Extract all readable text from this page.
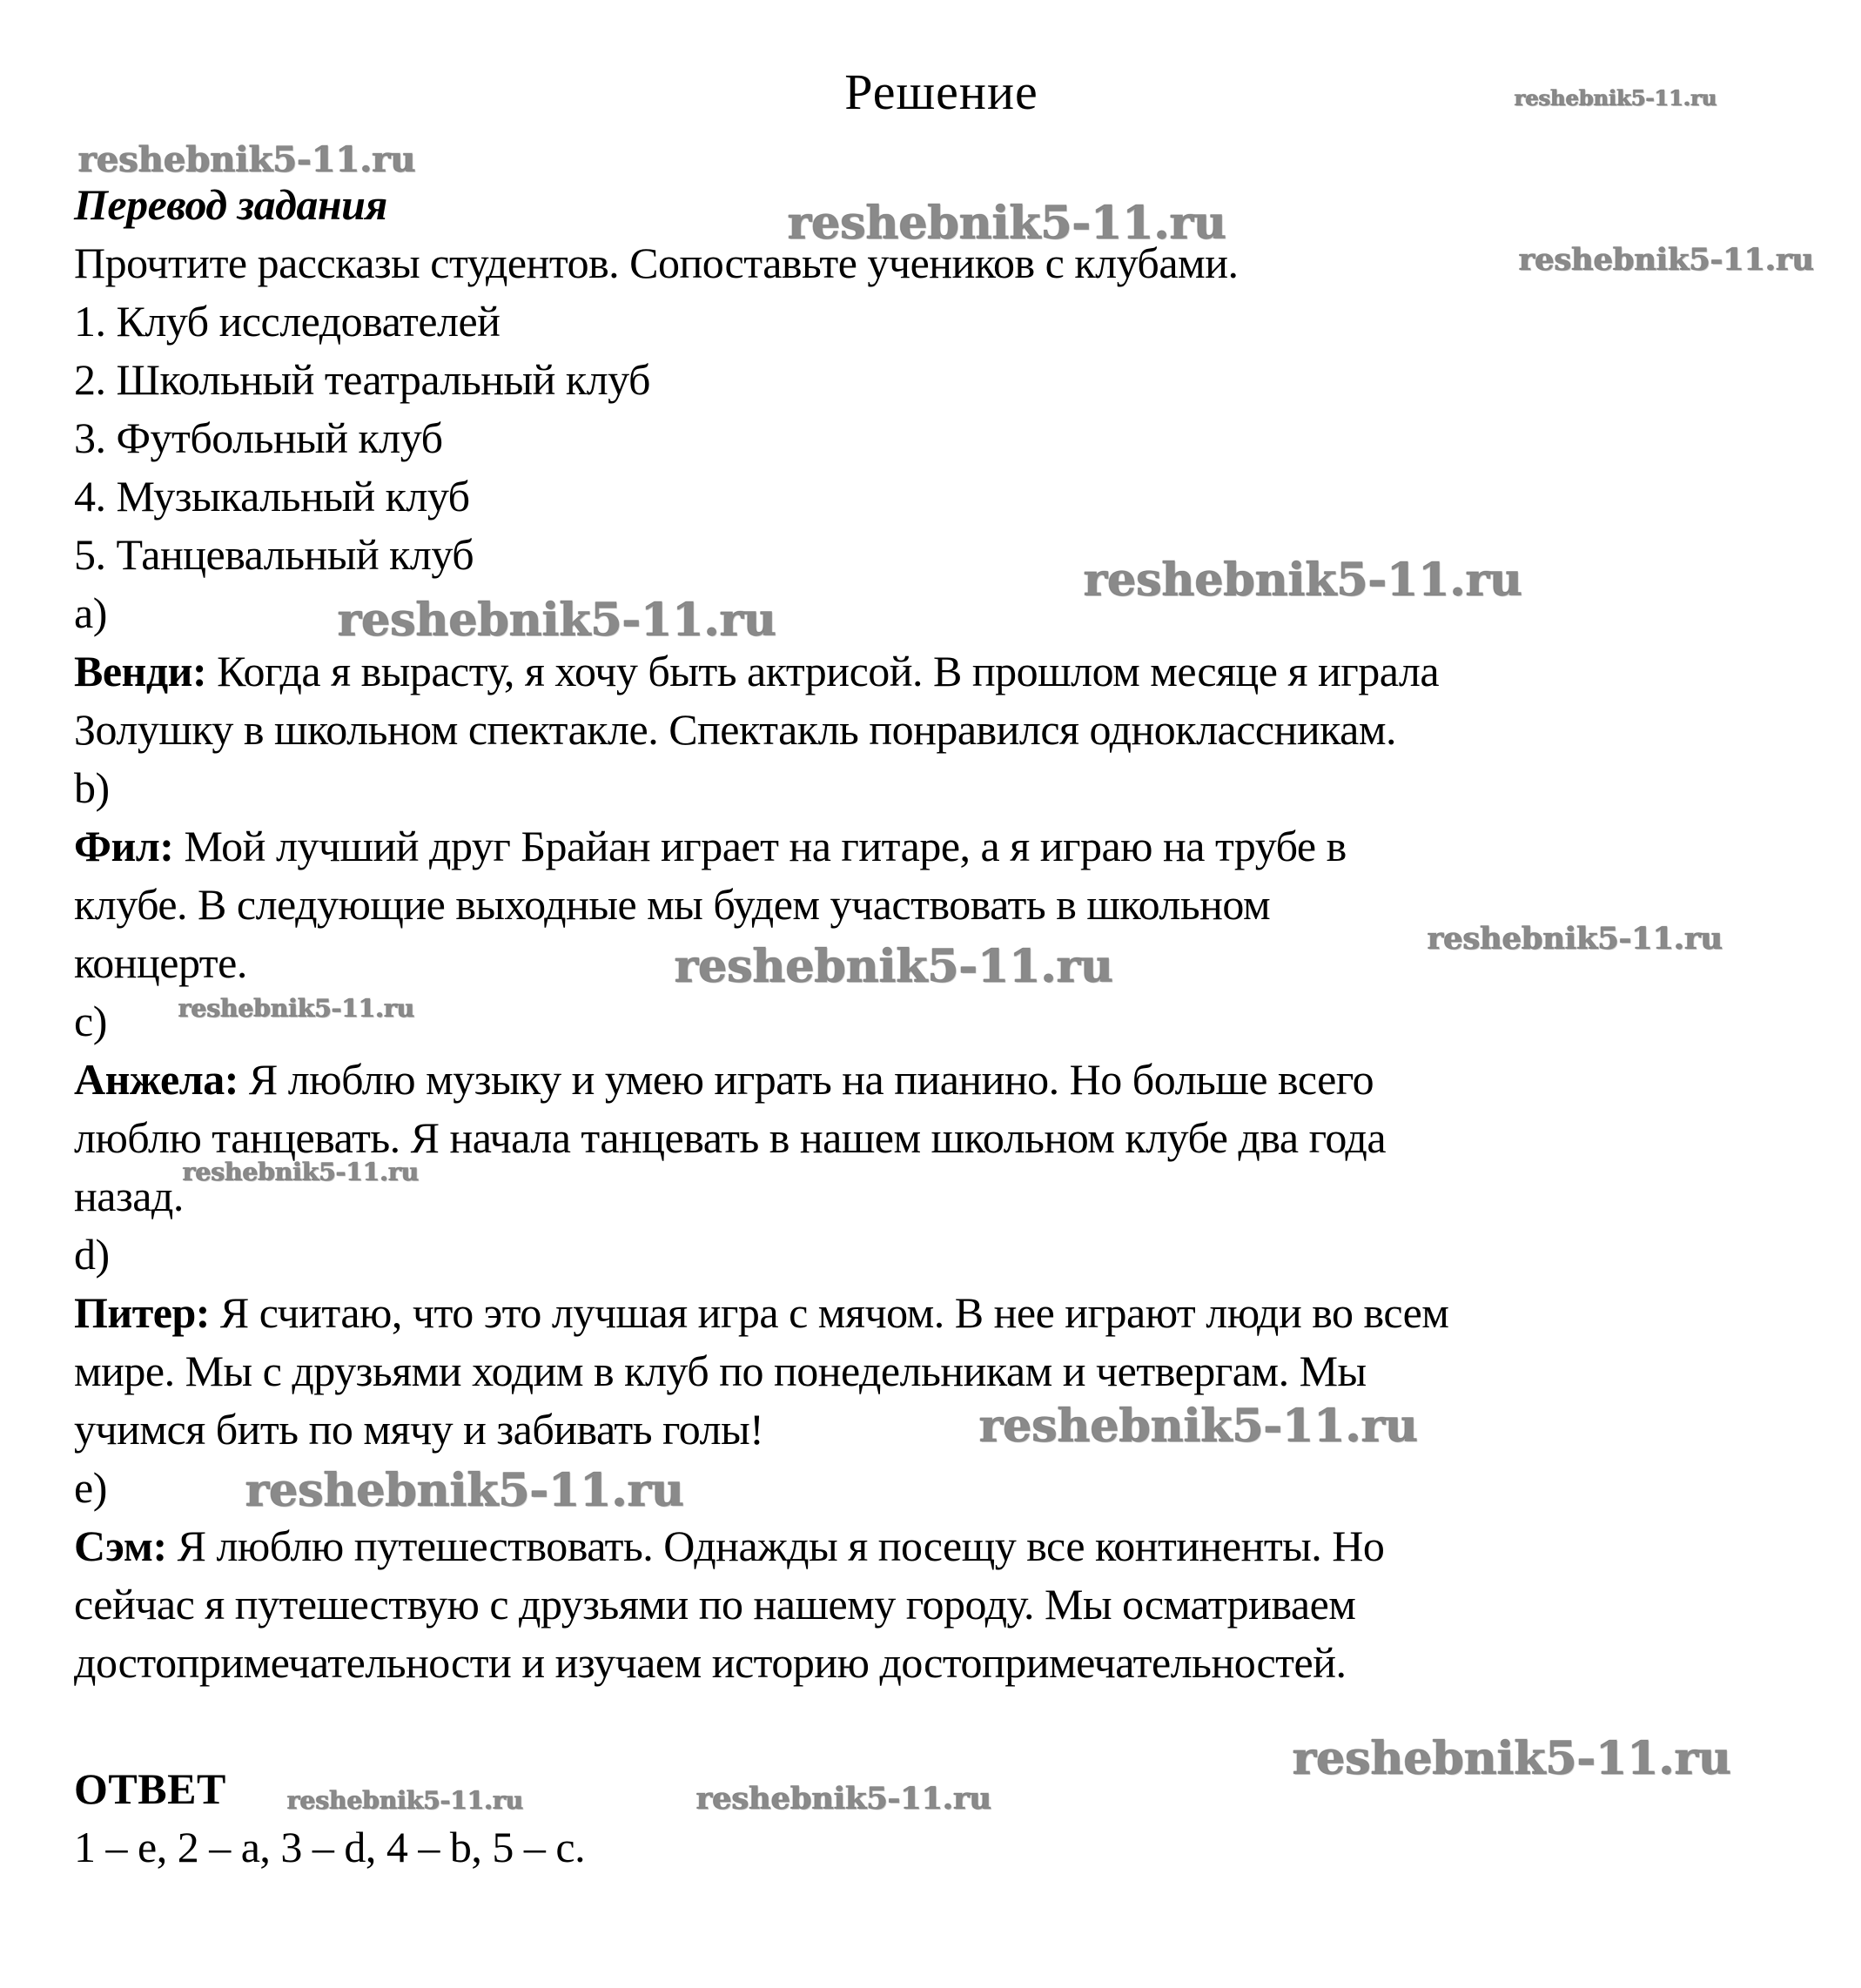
reshebnik5-11.ru
reshebnik5-11.ru
reshebnik5-11.ru
reshebnik5-11.ru
reshebnik5-11.ru
reshebnik5-11.ru
reshebnik5-11.ru
reshebnik5-11.ru
reshebnik5-11.ru
reshebnik5-11.ru
reshebnik5-11.ru
reshebnik5-11.ru
reshebnik5-11.ru
reshebnik5-11.ru	reshebnik5-11.ru
Решение
Перевод задания
Прочтите рассказы студентов. Сопоставьте учеников с клубами.
1. Клуб исследователей
2. Школьный театральный клуб
3. Футбольный клуб
4. Музыкальный клуб
5. Танцевальный клуб
a)
Венди: Когда я вырасту, я хочу быть актрисой. В прошлом месяце я играла
Золушку в школьном спектакле. Спектакль понравился одноклассникам.
b)
Фил: Мой лучший друг Брайан играет на гитаре, а я играю на трубе в
клубе. В следующие выходные мы будем участвовать в школьном
концерте.
c)
Анжела: Я люблю музыку и умею играть на пианино. Но больше всего
люблю танцевать. Я начала танцевать в нашем школьном клубе два года
назад.
d)
Питер: Я считаю, что это лучшая игра с мячом. В нее играют люди во всем
мире. Мы с друзьями ходим в клуб по понедельникам и четвергам. Мы
учимся бить по мячу и забивать голы!
e)
Сэм: Я люблю путешествовать. Однажды я посещу все континенты. Но
сейчас я путешествую с друзьями по нашему городу. Мы осматриваем
достопримечательности и изучаем историю достопримечательностей.
ОТВЕТ
1 – e, 2 – a, 3 – d, 4 – b, 5 – c.
